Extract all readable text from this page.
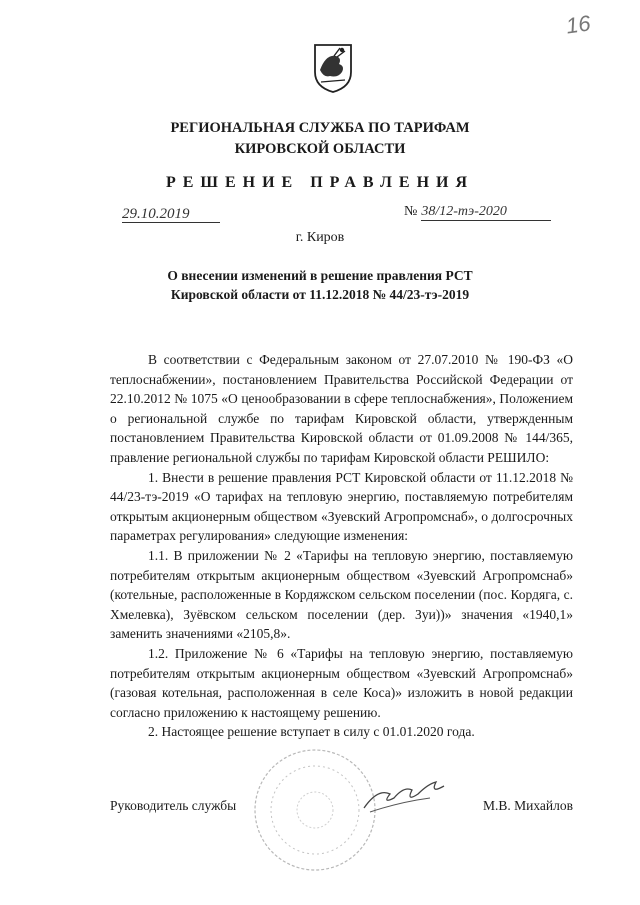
16
РЕГИОНАЛЬНАЯ СЛУЖБА ПО ТАРИФАМ
КИРОВСКОЙ ОБЛАСТИ
РЕШЕНИЕ ПРАВЛЕНИЯ
29.10.2019	№ 38/12-тэ-2020
г. Киров
О внесении изменений в решение правления РСТ
Кировской области от 11.12.2018 № 44/23-тэ-2019

В соответствии с Федеральным законом от 27.07.2010 № 190-ФЗ «О теплоснабжении», постановлением Правительства Российской Федерации от 22.10.2012 № 1075 «О ценообразовании в сфере теплоснабжения», Положением о региональной службе по тарифам Кировской области, утвержденным постановлением Правительства Кировской области от 01.09.2008 № 144/365, правление региональной службы по тарифам Кировской области РЕШИЛО:

1. Внести в решение правления РСТ Кировской области от 11.12.2018 № 44/23-тэ-2019 «О тарифах на тепловую энергию, поставляемую потребителям открытым акционерным обществом «Зуевский Агропромснаб», о долгосрочных параметрах регулирования» следующие изменения:

1.1. В приложении № 2 «Тарифы на тепловую энергию, поставляемую потребителям открытым акционерным обществом «Зуевский Агропромснаб» (котельные, расположенные в Кордяжском сельском поселении (пос. Кордяга, с. Хмелевка), Зуёвском сельском поселении (дер. Зуи))» значения «1940,1» заменить значениями «2105,8».

1.2. Приложение № 6 «Тарифы на тепловую энергию, поставляемую потребителям открытым акционерным обществом «Зуевский Агропромснаб» (газовая котельная, расположенная в селе Коса)» изложить в новой редакции согласно приложению к настоящему решению.

2. Настоящее решение вступает в силу с 01.01.2020 года.

Руководитель службы	М.В. Михайлов
